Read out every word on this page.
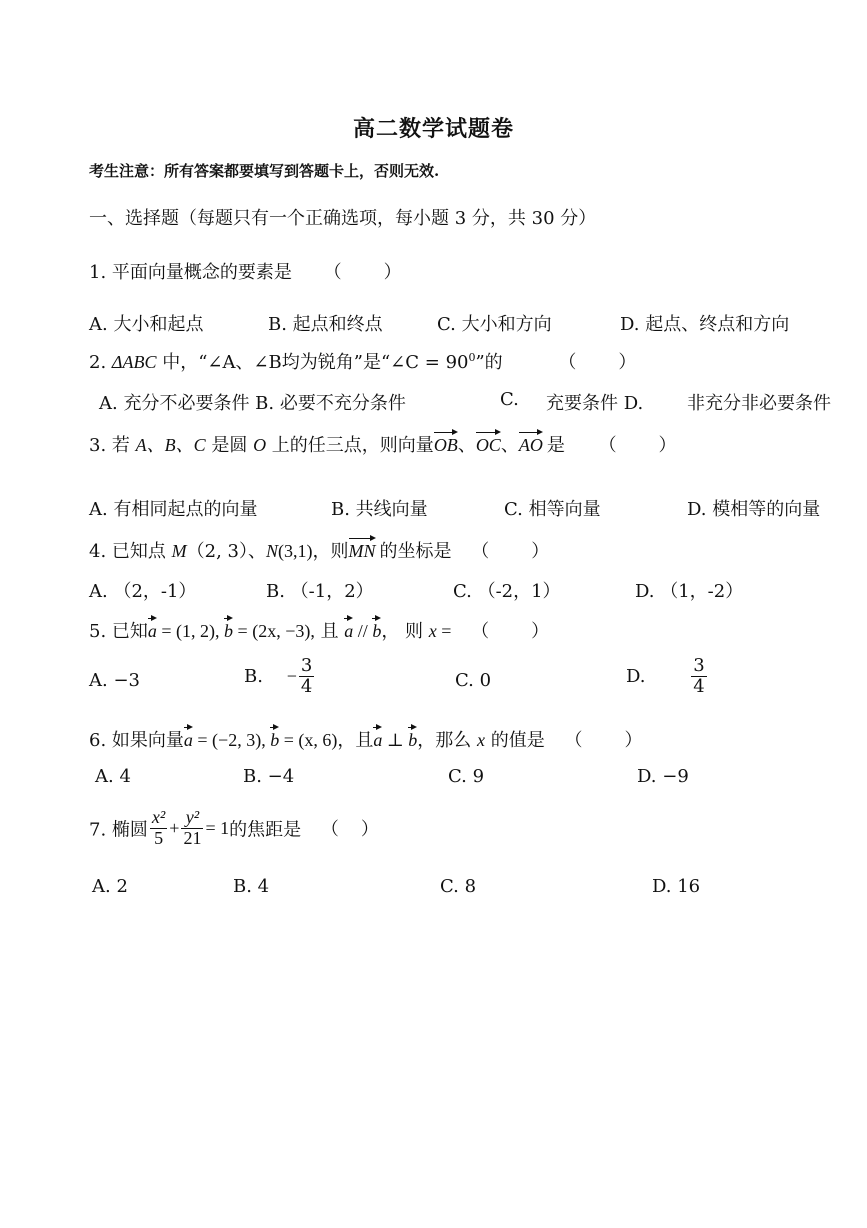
高二数学试题卷
考生注意：所有答案都要填写到答题卡上，否则无效.
一、选择题（每题只有一个正确选项，每小题 3 分，共 30 分）
1. 平面向量概念的要素是 （　　）
A. 大小和起点	B. 起点和终点	C. 大小和方向	D. 起点、终点和方向
2. ΔABC 中，“∠A、∠B均为锐角”是“∠C = $90^0$”的	（　　）
A. 充分不必要条件 B. 必要不充分条件	C. 充要条件 D. 非充分非必要条件
3. 若 A、B、C 是圆 O 上的任三点，则向量OB、OC、AO 是 （　　）
A. 有相同起点的向量	B. 共线向量	C. 相等向量	D. 模相等的向量
4. 已知点 M（2, 3）、N(3,1)，则MN 的坐标是 （　　）
A. （2，-1）	B. （-1，2）	C. （-2，1）	D. （1，-2）
5. 已知a = (1, 2), b = (2x, −3), 且 a // b， 则 x = （　　）
A. −3	B. − $\frac{3}{4}$	C. 0	D.	$\frac{3}{4}$
6. 如果向量a = (−2, 3), b = (x, 6)，且a ⊥ b，那么 x 的值是 （　　）
A. 4	B. −4	C. 9	D. −9
7. 椭圆 $\frac{\text{x²}}{5} + \frac{\text{y²}}{21} = 1$的焦距是 （　）
A. 2	B. 4	C. 8	D. 16
